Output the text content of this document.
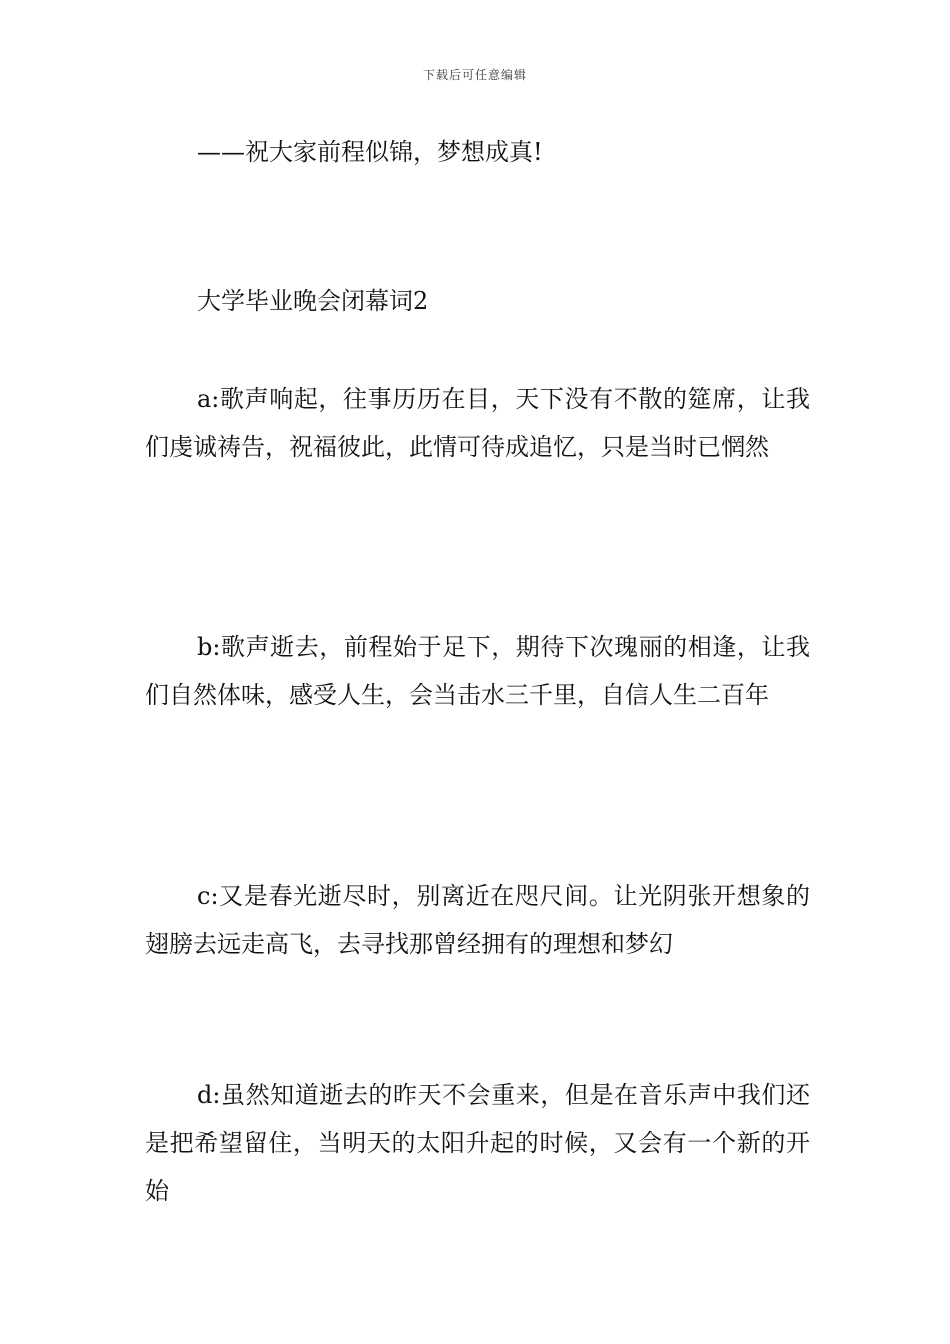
下载后可任意编辑

——祝大家前程似锦，梦想成真!

大学毕业晚会闭幕词2

a:歌声响起，往事历历在目，天下没有不散的筵席，让我们虔诚祷告，祝福彼此，此情可待成追忆，只是当时已惘然

b:歌声逝去，前程始于足下，期待下次瑰丽的相逢，让我们自然体味，感受人生，会当击水三千里，自信人生二百年

c:又是春光逝尽时，别离近在咫尺间。让光阴张开想象的翅膀去远走高飞，去寻找那曾经拥有的理想和梦幻

d:虽然知道逝去的昨天不会重来，但是在音乐声中我们还是把希望留住，当明天的太阳升起的时候，又会有一个新的开始
